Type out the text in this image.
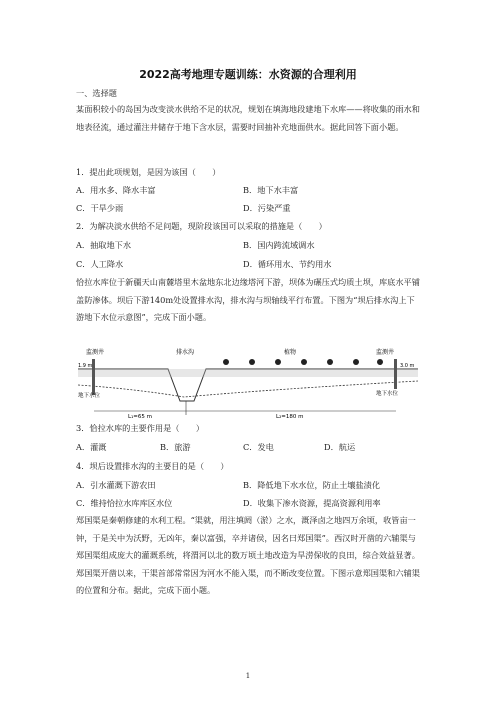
2022高考地理专题训练：水资源的合理利用
一、选择题
某面积较小的岛国为改变淡水供给不足的状况，规划在填海地段建地下水库——将收集的雨水和地表径流，通过灌注井储存于地下含水层，需要时回抽补充地面供水。据此回答下面小题。
1．提出此项规划，是因为该国（　　）
A．用水多、降水丰富	B．地下水丰富
C．干旱少雨	D．污染严重
2．为解决淡水供给不足问题，现阶段该国可以采取的措施是（　　）
A．抽取地下水	B．国内跨流域调水
C．人工降水	D．循环用水、节约用水
恰拉水库位于新疆天山南麓塔里木盆地东北边缘塔河下游，坝体为碾压式均质土坝，库底水平铺盖防渗体。坝后下游140m处设置排水沟，排水沟与坝轴线平行布置。下图为“坝后排水沟上下游地下水位示意图”，完成下面小题。
监测井	排水沟	植物	监测井
1.9 m	3.0 m
地下水位	地下水位
L₁=65 m	L₂=180 m
3．恰拉水库的主要作用是（　　）
A．灌溉	B．旅游	C．发电	D．航运
4．坝后设置排水沟的主要目的是（　　）
A．引水灌溉下游农田	B．降低地下水水位，防止土壤盐渍化
C．维持恰拉水库库区水位	D．收集下渗水资源，提高资源利用率
郑国渠是秦朝修建的水利工程。“渠就，用注填阏（淤）之水，溉泽卤之地四万余顷，收皆亩一钟，于是关中为沃野，无凶年，秦以富强，卒并诸侯，因名曰郑国渠”。西汉时开凿的六辅渠与郑国渠组成庞大的灌溉系统，将渭河以北的数万顷土地改造为旱涝保收的良田，综合效益显著。郑国渠开凿以来，干渠首部常常因为河水不能入渠，而不断改变位置。下图示意郑国渠和六辅渠的位置和分布。据此，完成下面小题。
1
